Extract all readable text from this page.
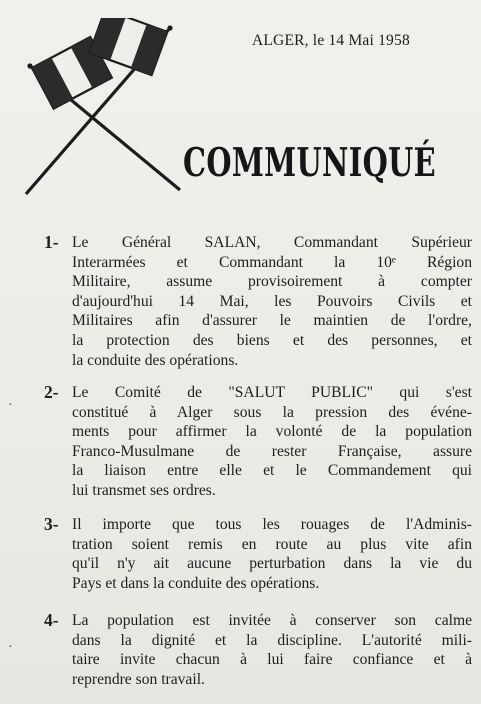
ALGER, le 14 Mai 1958
COMMUNIQUÉ
1- Le Général SALAN, Commandant Supérieur
Interarmées et Commandant la 10ᵉ Région
Militaire, assume provisoirement à compter
d'aujourd'hui 14 Mai, les Pouvoirs Civils et
Militaires afin d'assurer le maintien de l'ordre,
la protection des biens et des personnes, et
la conduite des opérations.
2- Le Comité de "SALUT PUBLIC" qui s'est
constitué à Alger sous la pression des événe-
ments pour affirmer la volonté de la population
Franco-Musulmane de rester Française, assure
la liaison entre elle et le Commandement qui
lui transmet ses ordres.
3- Il importe que tous les rouages de l'Adminis-
tration soient remis en route au plus vite afin
qu'il n'y ait aucune perturbation dans la vie du
Pays et dans la conduite des opérations.
4- La population est invitée à conserver son calme
dans la dignité et la discipline. L'autorité mili-
taire invite chacun à lui faire confiance et à
reprendre son travail.
·
·
